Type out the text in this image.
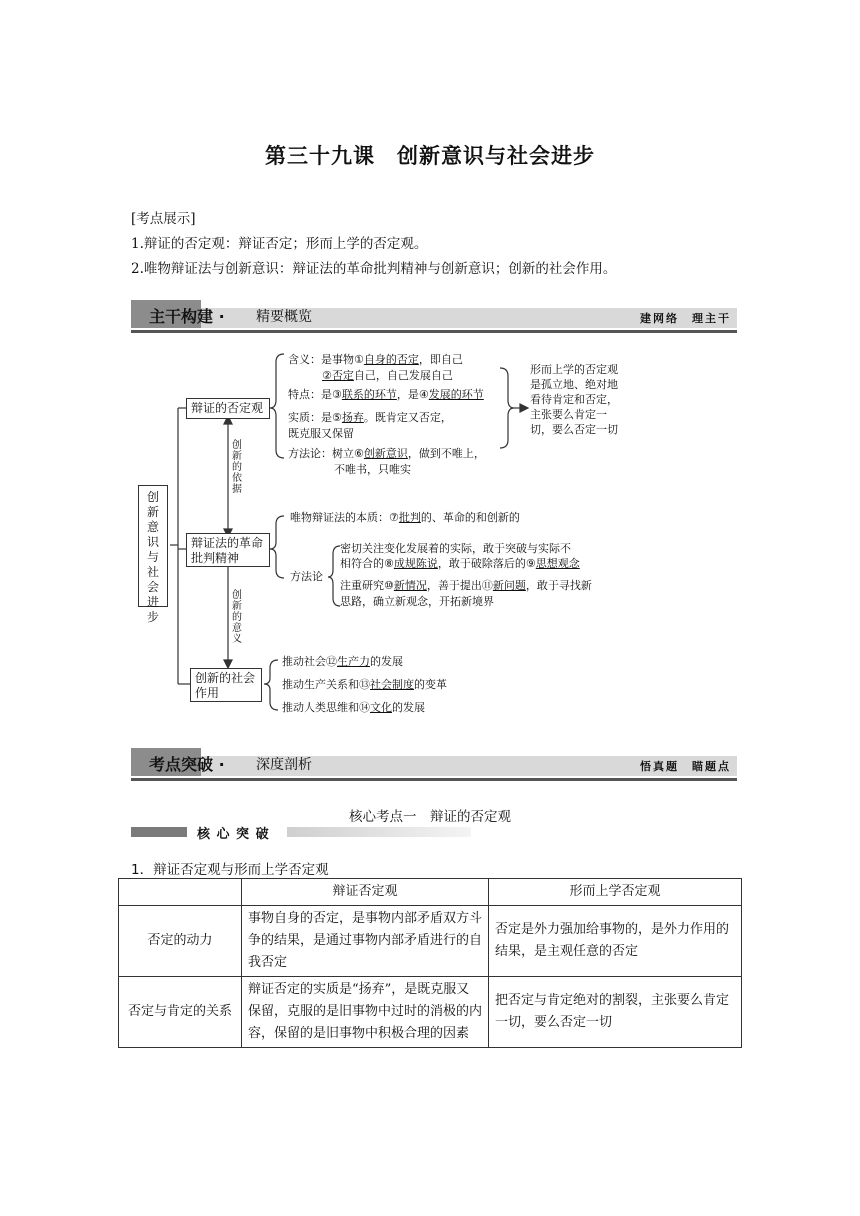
第三十九课　创新意识与社会进步
[考点展示]
1.辩证的否定观：辩证否定；形而上学的否定观。
2.唯物辩证法与创新意识：辩证法的革命批判精神与创新意识；创新的社会作用。
主干构建 · 精要概览	建网络　理主干
创新意识与社会进步
辩证的否定观
辩证法的革命批判精神
创新的社会作用
创新的依据
创新的意义
含义：是事物①自身的否定，即自己
②否定自己，自己发展自己
特点：是③联系的环节，是④发展的环节
实质：是⑤扬弃。既肯定又否定，
既克服又保留
方法论：树立⑥创新意识，做到不唯上，
不唯书，只唯实
形而上学的否定观是孤立地、绝对地看待肯定和否定，主张要么肯定一切，要么否定一切
唯物辩证法的本质：⑦批判的、革命的和创新的
方法论
密切关注变化发展着的实际，敢于突破与实际不
相符合的⑧成规陈说，敢于破除落后的⑨思想观念
注重研究⑩新情况，善于提出⑪新问题，敢于寻找新
思路，确立新观念，开拓新境界
推动社会⑫生产力的发展
推动生产关系和⑬社会制度的变革
推动人类思维和⑭文化的发展
考点突破 · 深度剖析	悟真题　瞄题点
核心考点一　辩证的否定观
核 心 突 破
1．辩证否定观与形而上学否定观
	辩证否定观	形而上学否定观
否定的动力	事物自身的否定，是事物内部矛盾双方斗争的结果，是通过事物内部矛盾进行的自我否定	否定是外力强加给事物的，是外力作用的结果，是主观任意的否定
否定与肯定的关系	辩证否定的实质是“扬弃”，是既克服又保留，克服的是旧事物中过时的消极的内容，保留的是旧事物中积极合理的因素	把否定与肯定绝对的割裂，主张要么肯定一切，要么否定一切
